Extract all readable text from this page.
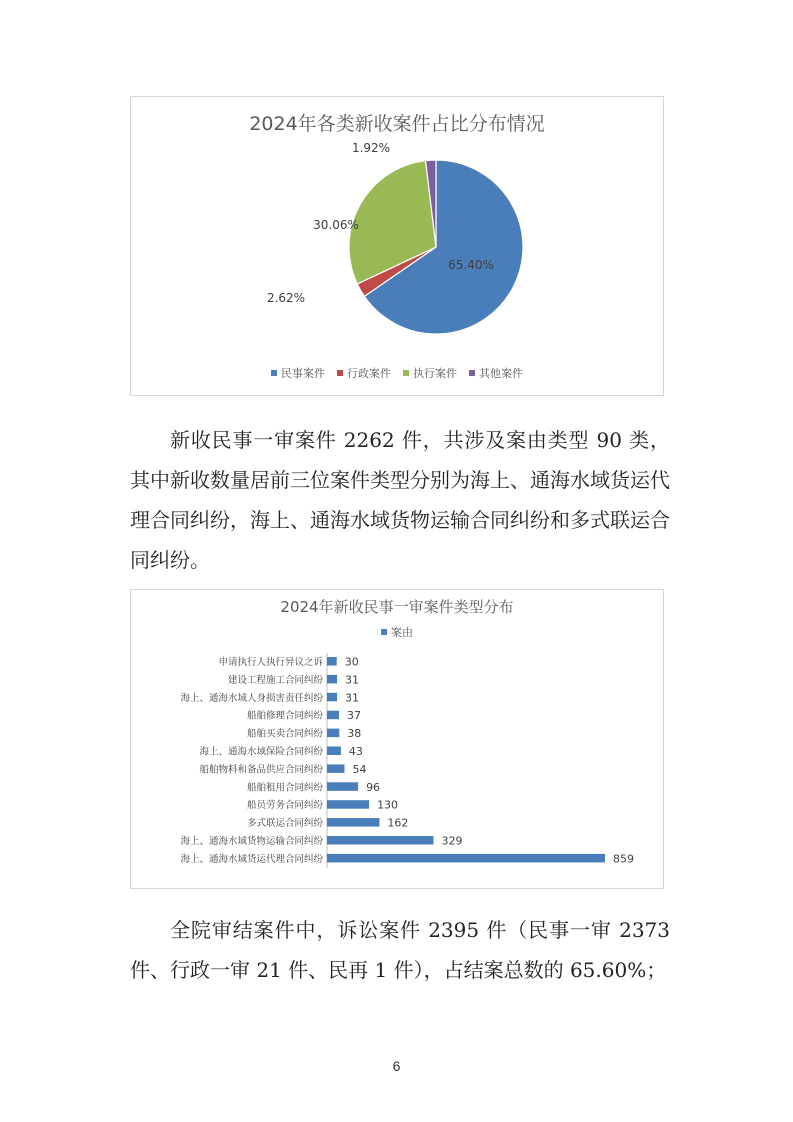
2024年各类新收案件占比分布情况
65.40%
2.62%
30.06%
1.92%
民事案件 行政案件 执行案件 其他案件
新收民事一审案件 2262 件，共涉及案由类型 90 类，其中新收数量居前三位案件类型分别为海上、通海水域货运代理合同纠纷，海上、通海水域货物运输合同纠纷和多式联运合同纠纷。
2024年新收民事一审案件类型分布
案由
申请执行人执行异议之诉 30
建设工程施工合同纠纷 31
海上、通海水域人身损害责任纠纷 31
船舶修理合同纠纷 37
船舶买卖合同纠纷 38
海上、通海水域保险合同纠纷 43
船舶物料和备品供应合同纠纷	54
船舶租用合同纠纷	96
船员劳务合同纠纷	130
多式联运合同纠纷	162
海上、通海水域货物运输合同纠纷	329
海上、通海水域货运代理合同纠纷	859
全院审结案件中，诉讼案件 2395 件（民事一审 2373 件、行政一审 21 件、民再 1 件），占结案总数的 65.60%；
6
